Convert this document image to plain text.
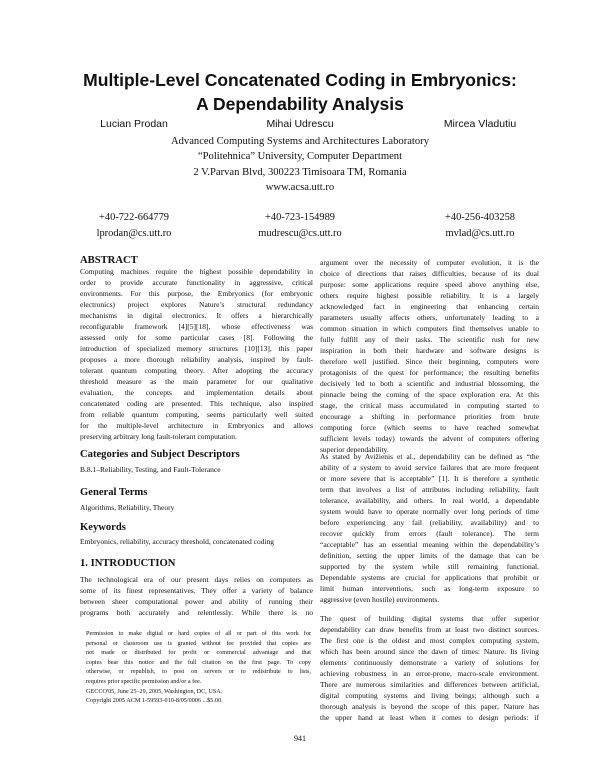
Multiple-Level Concatenated Coding in Embryonics:
A Dependability Analysis
Lucian Prodan	Mihai Udrescu	Mircea Vladutiu
Advanced Computing Systems and Architectures Laboratory
“Politehnica” University, Computer Department
2 V.Parvan Blvd, 300223 Timisoara TM, Romania
www.acsa.utt.ro
+40-722-664779	+40-723-154989	+40-256-403258
lprodan@cs.utt.ro	mudrescu@cs.utt.ro	mvlad@cs.utt.ro
ABSTRACT
Computing machines require the highest possible dependability in
order to provide accurate functionality in aggressive, critical
environments. For this purpose, the Embryonics (for embryonic
electronics) project explores Nature’s structural redundancy
mechanisms in digital electronics. It offers a hierarchically
reconfigurable framework [4][5][18], whose effectiveness was
assessed only for some particular cases [8]. Following the
introduction of specialized memory structures [10][13], this paper
proposes a more thorough reliability analysis, inspired by fault-
tolerant quantum computing theory. After adopting the accuracy
threshold measure as the main parameter for our qualitative
evaluation, the concepts and implementation details about
concatenated coding are presented. This technique, also inspired
from reliable quantum computing, seems particularly well suited
for the multiple-level architecture in Embryonics and allows
preserving arbitrary long fault-tolerant computation.
Categories and Subject Descriptors
B.8.1–Reliability, Testing, and Fault-Tolerance
General Terms
Algorithms, Reliability, Theory
Keywords
Embryonics, reliability, accuracy threshold, concatenated coding
1. INTRODUCTION
The technological era of our present days relies on computers as
some of its finest representatives. They offer a variety of balance
between sheer computational power and ability of running their
programs both accurately and relentlessly. While there is no
Permission to make digital or hard copies of all or part of this work for
personal or classroom use is granted without fee provided that copies are
not made or distributed for profit or commercial advantage and that
copies bear this notice and the full citation on the first page. To copy
otherwise, or republish, to post on servers or to redistribute to lists,
requires prior specific permission and/or a fee.
GECCO'05, June 25–29, 2005, Washington, DC, USA.
Copyright 2005 ACM 1-59593-010-8/05/0006 ...$5.00.
argument over the necessity of computer evolution, it is the
choice of directions that raises difficulties, because of its dual
purpose: some applications require speed above anything else,
others require highest possible reliability. It is a largely
acknowledged fact in engineering that enhancing certain
parameters usually affects others, unfortunately leading to a
common situation in which computers find themselves unable to
fully fulfill any of their tasks. The scientific rush for new
inspiration in both their hardware and software designs is
therefore well justified. Since their beginning, computers were
protagonists of the quest for performance; the resulting benefits
decisively led to both a scientific and industrial blossoming, the
pinnacle being the coming of the space exploration era. At this
stage, the critical mass accumulated in computing started to
encourage a shifting in performance priorities from brute
computing force (which seems to have reached somewhat
sufficient levels today) towards the advent of computers offering
superior dependability.
As stated by Avižienis et al., dependability can be defined as “the
ability of a system to avoid service failures that are more frequent
or more severe that is acceptable” [1]. It is therefore a synthetic
term that involves a list of attributes including reliability, fault
tolerance, availability, and others. In real world, a dependable
system would have to operate normally over long periods of time
before experiencing any fail (reliability, availability) and to
recover quickly from errors (fault tolerance). The term
“acceptable” has an essential meaning within the dependability’s
definition, setting the upper limits of the damage that can be
supported by the system while still remaining functional.
Dependable systems are crucial for applications that prohibit or
limit human interventions, such as long-term exposure to
aggressive (even hostile) environments.
The quest of building digital systems that offer superior
dependability can draw benefits from at least two distinct sources.
The first one is the oldest and most complex computing system,
which has been around since the dawn of times: Nature. Its living
elements continuously demonstrate a variety of solutions for
achieving robustness in an error-prone, macro-scale environment.
There are numerous similarities and differences between artificial,
digital computing systems and living beings; although such a
thorough analysis is beyond the scope of this paper, Nature has
the upper hand at least when it comes to design periods: if
941
